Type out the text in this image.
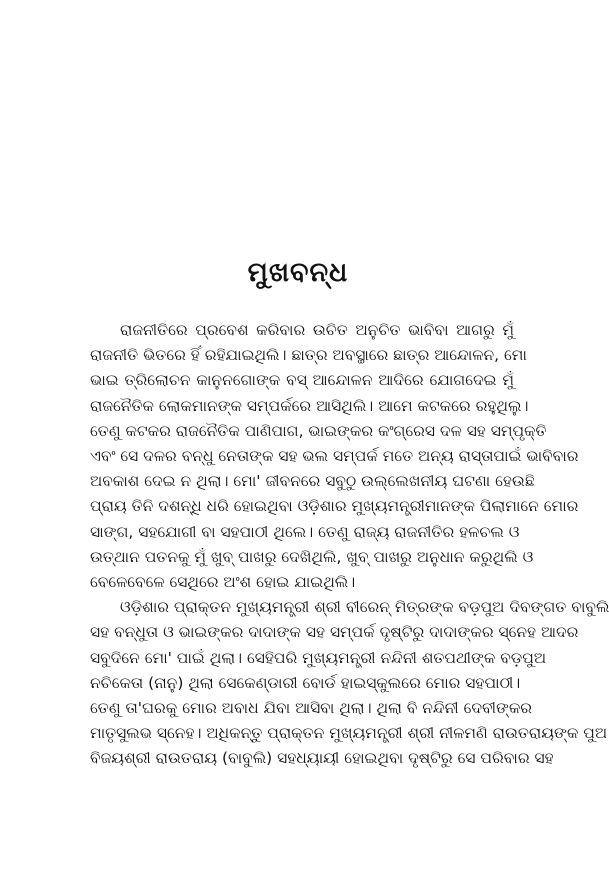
ମୁଖବନ୍ଧ

ରାଜନୀତିରେ ପ୍ରବେଶ କରିବାର ଉଚିତ ଅନୁଚିତ ଭାବିବା ଆଗରୁ ମୁଁ
ରାଜନୀତି ଭିତରେ ହିଁ ରହିଯାଇଥିଲି। ଛାତ୍ର ଅବସ୍ଥାରେ ଛାତ୍ର ଆନ୍ଦୋଳନ, ମୋ
ଭାଇ ତ୍ରିଲୋଚନ କାନୁନଗୋଙ୍କ ବସ୍ ଆନ୍ଦୋଳନ ଆଦିରେ ଯୋଗଦେଇ ମୁଁ
ରାଜନୈତିକ ଲୋକମାନଙ୍କ ସମ୍ପର୍କରେ ଆସିଥିଲି। ଆମେ କଟକରେ ରହୁଥିଲୁ।
ତେଣୁ କଟକର ରାଜନୈତିକ ପାଣିପାଗ, ଭାଇଙ୍କର କଂଗ୍ରେସ ଦଳ ସହ ସମ୍ପୃକ୍ତି
ଏବଂ ସେ ଦଳର ବନ୍ଧୁ ନେତାଙ୍କ ସହ ଭଲ ସମ୍ପର୍କ ମତେ ଅନ୍ୟ ରାସ୍ତାପାଇଁ ଭାବିବାର
ଅବକାଶ ଦେଇ ନ ଥିଲା। ମୋ' ଜୀବନରେ ସବୁଠୁ ଉଲ୍ଲେଖନୀୟ ଘଟଣା ହେଉଛି
ପ୍ରାୟ ତିନି ଦଶନ୍ଧି ଧରି ହୋଇଥିବା ଓଡ଼ିଶାର ମୁଖ୍ୟମନ୍ତ୍ରୀମାନଙ୍କ ପିଲାମାନେ ମୋର
ସାଙ୍ଗ, ସହଯୋଗୀ ବା ସହପାଠୀ ଥିଲେ। ତେଣୁ ରାଜ୍ୟ ରାଜନୀତିର ହଳଚଲ ଓ
ଉତ୍‌ଥାନ ପତନକୁ ମୁଁ ଖୁବ୍ ପାଖରୁ ଦେଖିଥିଲି, ଖୁବ୍ ପାଖରୁ ଅନୁଧାନ କରୁଥିଲି ଓ
ବେଳେବେଳେ ସେଥିରେ ଅଂଶ ହୋଇ ଯାଇଥିଲି।

ଓଡ଼ିଶାର ପ୍ରାକ୍ତନ ମୁଖ୍ୟମନ୍ତ୍ରୀ ଶ୍ରୀ ବୀରେନ୍ ମିତ୍ରଙ୍କ ବଡ଼ପୁଅ ଦିବଙ୍ଗତ ବାବୁଲି
ସହ ବନ୍ଧୁତା ଓ ଭାଇଙ୍କର ଦାଦାଙ୍କ ସହ ସମ୍ପର୍କ ଦୃଷ୍ଟିରୁ ଦାଦାଙ୍କର ସ୍ନେହ ଆଦର
ସବୁଦିନେ ମୋ' ପାଇଁ ଥିଲା। ସେହିପରି ମୁଖ୍ୟମନ୍ତ୍ରୀ ନନ୍ଦିନୀ ଶତପଥୀଙ୍କ ବଡ଼ପୁଅ
ନଚିକେତା (ନାନୁ) ଥିଲା ସେକେଣ୍ଡାରୀ ବୋର୍ଡ ହାଇସ୍କୁଲରେ ମୋର ସହପାଠୀ।
ତେଣୁ ତା'ଘରକୁ ମୋର ଅବାଧ ଯିବା ଆସିବା ଥିଲା। ଥିଲା ବି ନନ୍ଦିନୀ ଦେବୀଙ୍କର
ମାତୃସୁଲଭ ସ୍ନେହ। ଅଧିକନ୍ତୁ ପ୍ରାକ୍ତନ ମୁଖ୍ୟମନ୍ତ୍ରୀ ଶ୍ରୀ ନୀଳମଣି ରାଉତରାୟଙ୍କ ପୁଅ
ବିଜୟଶ୍ରୀ ରାଉତରାୟ (ବାବୁଲି) ସହଧ୍ୟାୟୀ ହୋଇଥିବା ଦୃଷ୍ଟିରୁ ସେ ପରିବାର ସହ
